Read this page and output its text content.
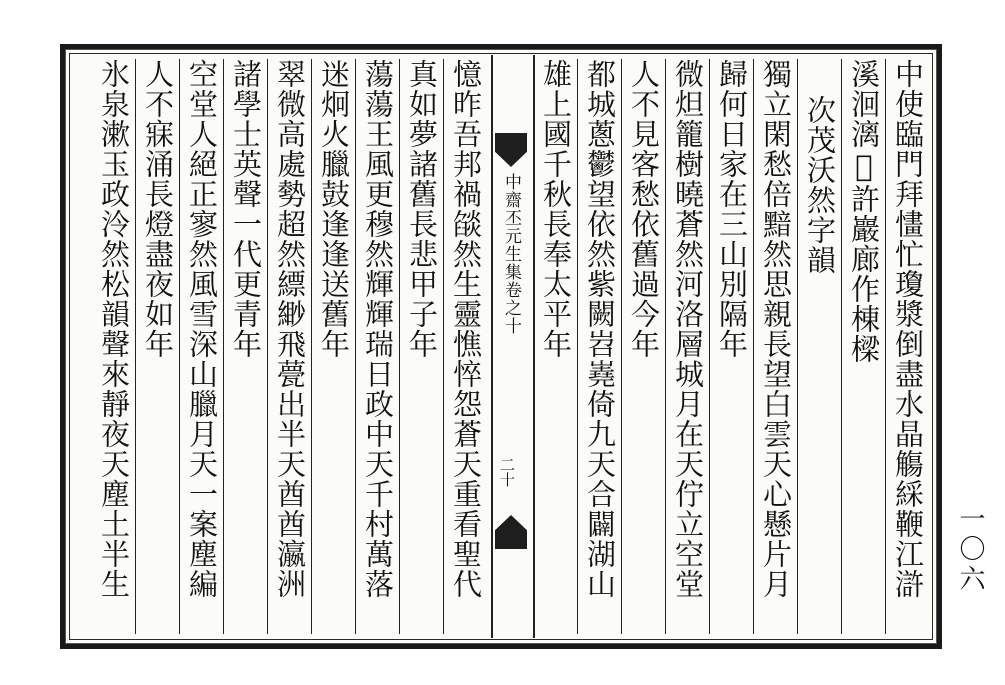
中使臨門拜㦎忙瓊漿倒盡水晶觴綵鞭江滸
溪洄漓𣴑許巖廊作棟樑
次茂沃然字韻
獨立閑愁倍黯然思親長望白雲天心懸片月
歸何日家在三山別隔年
微炟籠樹曉蒼然河洛層城月在天佇立空堂
人不見客愁依舊過今年
都城蔥鬱望依然紫闕岧嶤倚九天合闢湖山
雄上國千秋長奉太平年
中齋丕元生集卷之十
二十
憶昨吾邦禍燄然生靈憔悴怨蒼天重看聖代
真如夢諸舊長悲甲子年
蕩蕩王風更穆然輝輝瑞日政中天千村萬落
迷炯火臘鼓逢逢送舊年
翠微高處勢超然縹緲飛甍出半天酋酋瀛洲
諸學士英聲一代更青年
空堂人絕正寥然風雪深山臘月天一案塵編
人不寐涌長燈盡夜如年
氷泉漱玉政泠然松韻聲來靜夜天塵土半生	一〇六
